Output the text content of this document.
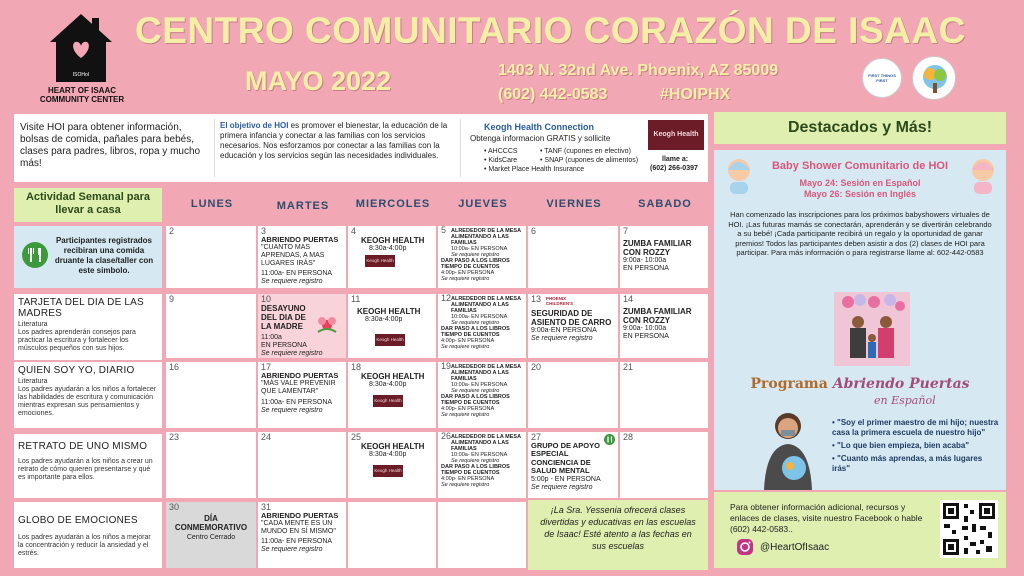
ISOHoI
HEART OF ISAAC
COMMUNITY CENTER
CENTRO COMUNITARIO CORAZÓN DE ISAAC
MAYO 2022	1403 N. 32nd Ave. Phoenix, AZ 85009
(602) 442-0583	#HOIPHX
FIRST THINGS FIRST
Visite HOI para obtener información, bolsas de comida, pañales para bebés, clases para padres, libros, ropa y mucho más!
El objetivo de HOI es promover el bienestar, la educación de la primera infancia y conectar a las familias con los servicios necesarios. Nos esforzamos por conectar a las familias con la educación y los servicios según las necesidades individuales.
Keogh Health Connection
Obtenga informacion GRATIS y sollicite
• AHCCCS
• KidsCare
• Market Place Health Insurance
• TANF (cupones en efectivo)
• SNAP (cupones de alimentos)
Keogh Health
llame a:
(602) 266-0397
Actividad Semanal para llevar a casa
Participantes registrados recibiran una comida druante la clase/taller con este simbolo.
TARJETA DEL DIA DE LAS MADRES
Literatura
Los padres aprenderán consejos para practicar la escritura y fortalecer los músculos pequeños con sus hijos.
QUIEN SOY YO, DIARIO
Literatura
Los padres ayudarán a los niños a fortalecer las habilidades de escritura y comunicación mientras expresan sus pensamientos y emociones.
RETRATO DE UNO MISMO
Los padres ayudarán a los niños a crear un retrato de cómo quieren presentarse y qué es importante para ellos.
GLOBO DE EMOCIONES
Los padres ayudarán a los niños a mejorar la concentración y reducir la ansiedad y el estrés.
LUNES	MARTES	MIERCOLES	JUEVES	VIERNES	SABADO
2	3
ABRIENDO PUERTAS
"CUANTO MAS APRENDAS, A MAS LUGARES IRÁS"
11:00a- EN PERSONA
Se requiere registro
4
KEOGH HEALTH
8:30a-4:00p
Keogh Health
5 ALREDEDOR DE LA MESA ALIMENTANDO A LAS FAMILIAS
10:00a- EN PERSONA
Se requiere registro
DAR PASO A LOS LIBROS TIEMPO DE CUENTOS
4:00p- EN PERSONA
Se requiere registro
6	7
ZUMBA FAMILIAR CON ROZZY
9:00a- 10:00a
EN PERSONA
9	10
DESAYUNO DEL DIA DE LA MADRE
11:00a
EN PERSONA
Se requiere registro
11
KEOGH HEALTH
8:30a-4:00p
Keogh Health
12 ALREDEDOR DE LA MESA ALIMENTANDO A LAS FAMILIAS
10:00a- EN PERSONA
Se requiere registro
DAR PASO A LOS LIBROS TIEMPO DE CUENTOS
4:00p- EN PERSONA
Se requiere registro
13 PHOENIX CHILDREN'S
SEGURIDAD DE ASIENTO DE CARRO
9:00a-EN PERSONA
Se requiere registro
14
ZUMBA FAMILIAR CON ROZZY
9:00a- 10:00a
EN PERSONA
16	17
ABRIENDO PUERTAS
"MÁS VALE PREVENIR QUE LAMENTAR"
11:00a- EN PERSONA
Se requiere registro
18
KEOGH HEALTH
8:30a-4:00p
Keogh Health
19 ALREDEDOR DE LA MESA ALIMENTANDO A LAS FAMILIAS
10:00a- EN PERSONA
Se requiere registro
DAR PASO A LOS LIBROS TIEMPO DE CUENTOS
4:00p- EN PERSONA
Se requiere registro
20	21
23	24	25
KEOGH HEALTH
8:30a-4:00p
Keogh Health
26 ALREDEDOR DE LA MESA ALIMENTANDO A LAS FAMILIAS
10:00a- EN PERSONA
Se requiere registro
DAR PASO A LOS LIBROS TIEMPO DE CUENTOS
4:00p- EN PERSONA
Se requiere registro
27
GRUPO DE APOYO ESPECIAL CONCIENCIA DE SALUD MENTAL
5:00p - EN PERSONA
Se requiere registro
28
30
DÍA CONMEMORATIVO
Centro Cerrado
31
ABRIENDO PUERTAS
"CADA MENTE ES UN MUNDO EN SÍ MISMO"
11:00a- EN PERSONA
Se requiere registro
¡La Sra. Yessenia ofrecerá clases divertidas y educativas en las escuelas de Isaac! Esté atento a las fechas en sus escuelas
Destacados y Más!
Baby Shower Comunitario de HOI
Mayo 24: Sesión en Español
Mayo 26: Sesión en Inglés
Han comenzado las inscripciones para los próximos babyshowers virtuales de HOI. ¡Las futuras mamás se conectarán, aprenderán y se divertirán celebrando a su bebé! ¡Cada participante recibirá un regalo y la oportunidad de ganar premios! Todos las participantes deben asistir a dos (2) clases de HOI para participar. Para más información o para registrarse llame al: 602-442-0583
Programa Abriendo Puertas
en Español
• "Soy el primer maestro de mi hijo; nuestra casa la primera escuela de nuestro hijo"
• "Lo que bien empieza, bien acaba"
• "Cuanto más aprendas, a más lugares irás"
Para obtener información adicional, recursos y enlaces de clases, visite nuestro Facebook o hable (602) 442-0583..
@HeartOfIsaac
